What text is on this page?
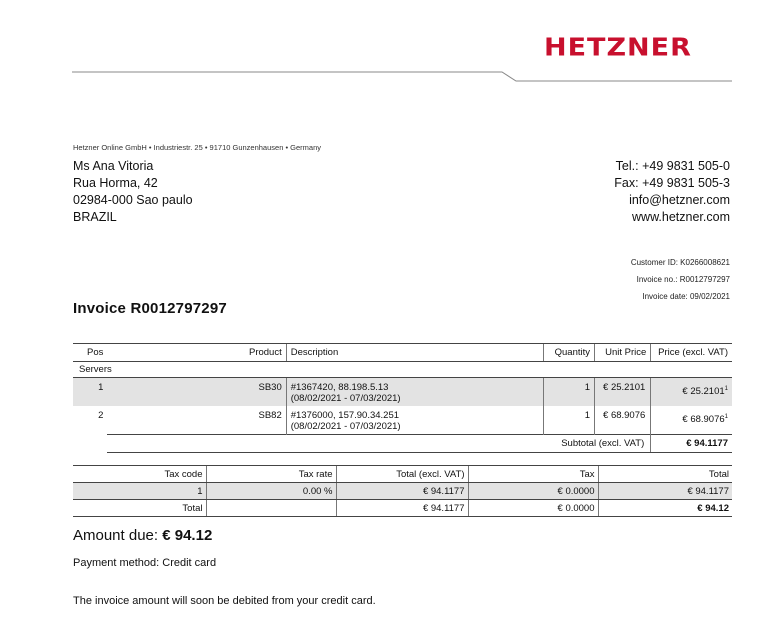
HETZNER
Hetzner Online GmbH • Industriestr. 25 • 91710 Gunzenhausen • Germany
Ms Ana Vitoria
Rua Horma, 42
02984-000 Sao paulo
BRAZIL
Tel.: +49 9831 505-0
Fax: +49 9831 505-3
info@hetzner.com
www.hetzner.com
Customer ID: K0266008621
Invoice no.: R0012797297
Invoice date: 09/02/2021
Invoice R0012797297
Pos	Product	Description	Quantity	Unit Price	Price (excl. VAT)
Servers					
1	SB30	#1367420, 88.198.5.13
(08/02/2021 - 07/03/2021)	1	€ 25.2101	€ 25.2101$^1$
2	SB82	#1376000, 157.90.34.251
(08/02/2021 - 07/03/2021)	1	€ 68.9076	€ 68.9076$^1$
	Subtotal (excl. VAT)				€ 94.1177
Tax code	Tax rate	Total (excl. VAT)	Tax	Total
1	0.00 %	€ 94.1177	€ 0.0000	€ 94.1177
Total		€ 94.1177	€ 0.0000	€ 94.12
Amount due: € 94.12
Payment method: Credit card
The invoice amount will soon be debited from your credit card.
